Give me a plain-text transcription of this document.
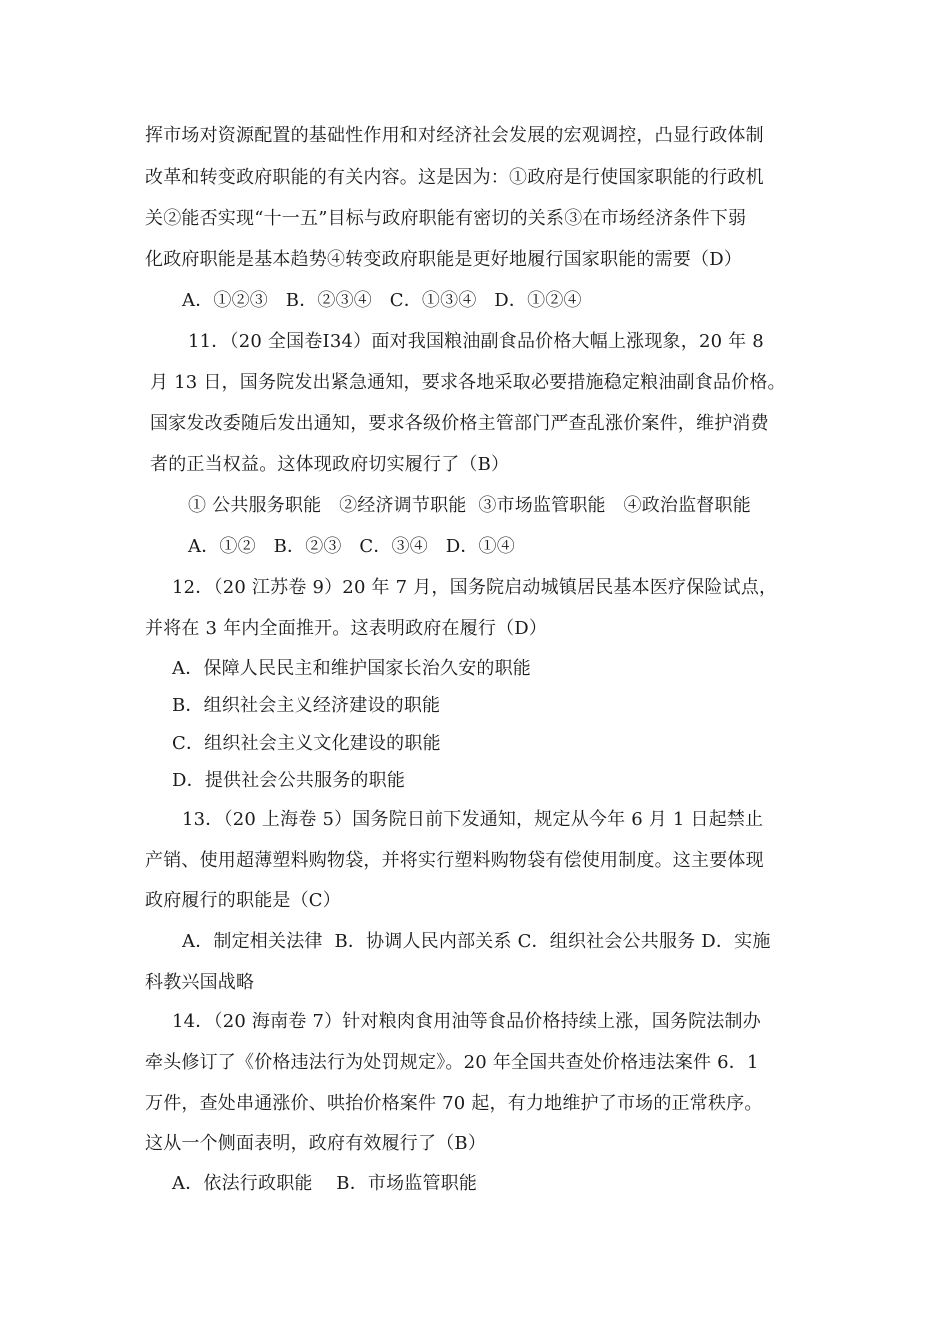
挥市场对资源配置的基础性作用和对经济社会发展的宏观调控，凸显行政体制
改革和转变政府职能的有关内容。这是因为：①政府是行使国家职能的行政机
关②能否实现“十一五”目标与政府职能有密切的关系③在市场经济条件下弱
化政府职能是基本趋势④转变政府职能是更好地履行国家职能的需要（D）
A．①②③   B．②③④   C．①③④   D．①②④
11．（20 全国卷Ⅰ34）面对我国粮油副食品价格大幅上涨现象，20 年 8
月 13 日，国务院发出紧急通知，要求各地采取必要措施稳定粮油副食品价格。
国家发改委随后发出通知，要求各级价格主管部门严查乱涨价案件，维护消费
者的正当权益。这体现政府切实履行了（B）
① 公共服务职能   ②经济调节职能  ③市场监管职能   ④政治监督职能
A．①②   B．②③   C．③④   D．①④
12．（20 江苏卷 9）20 年 7 月，国务院启动城镇居民基本医疗保险试点，
并将在 3 年内全面推开。这表明政府在履行（D）
A．保障人民民主和维护国家长治久安的职能
B．组织社会主义经济建设的职能
C．组织社会主义文化建设的职能
D．提供社会公共服务的职能
13．（20 上海卷 5）国务院日前下发通知，规定从今年 6 月 1 日起禁止
产销、使用超薄塑料购物袋，并将实行塑料购物袋有偿使用制度。这主要体现
政府履行的职能是（C）
A．制定相关法律  B．协调人民内部关系 C．组织社会公共服务 D．实施
科教兴国战略
14．（20 海南卷 7）针对粮肉食用油等食品价格持续上涨，国务院法制办
牵头修订了《价格违法行为处罚规定》。20 年全国共查处价格违法案件 6．1
万件，查处串通涨价、哄抬价格案件 70 起，有力地维护了市场的正常秩序。
这从一个侧面表明，政府有效履行了（B）
A．依法行政职能    B．市场监管职能
